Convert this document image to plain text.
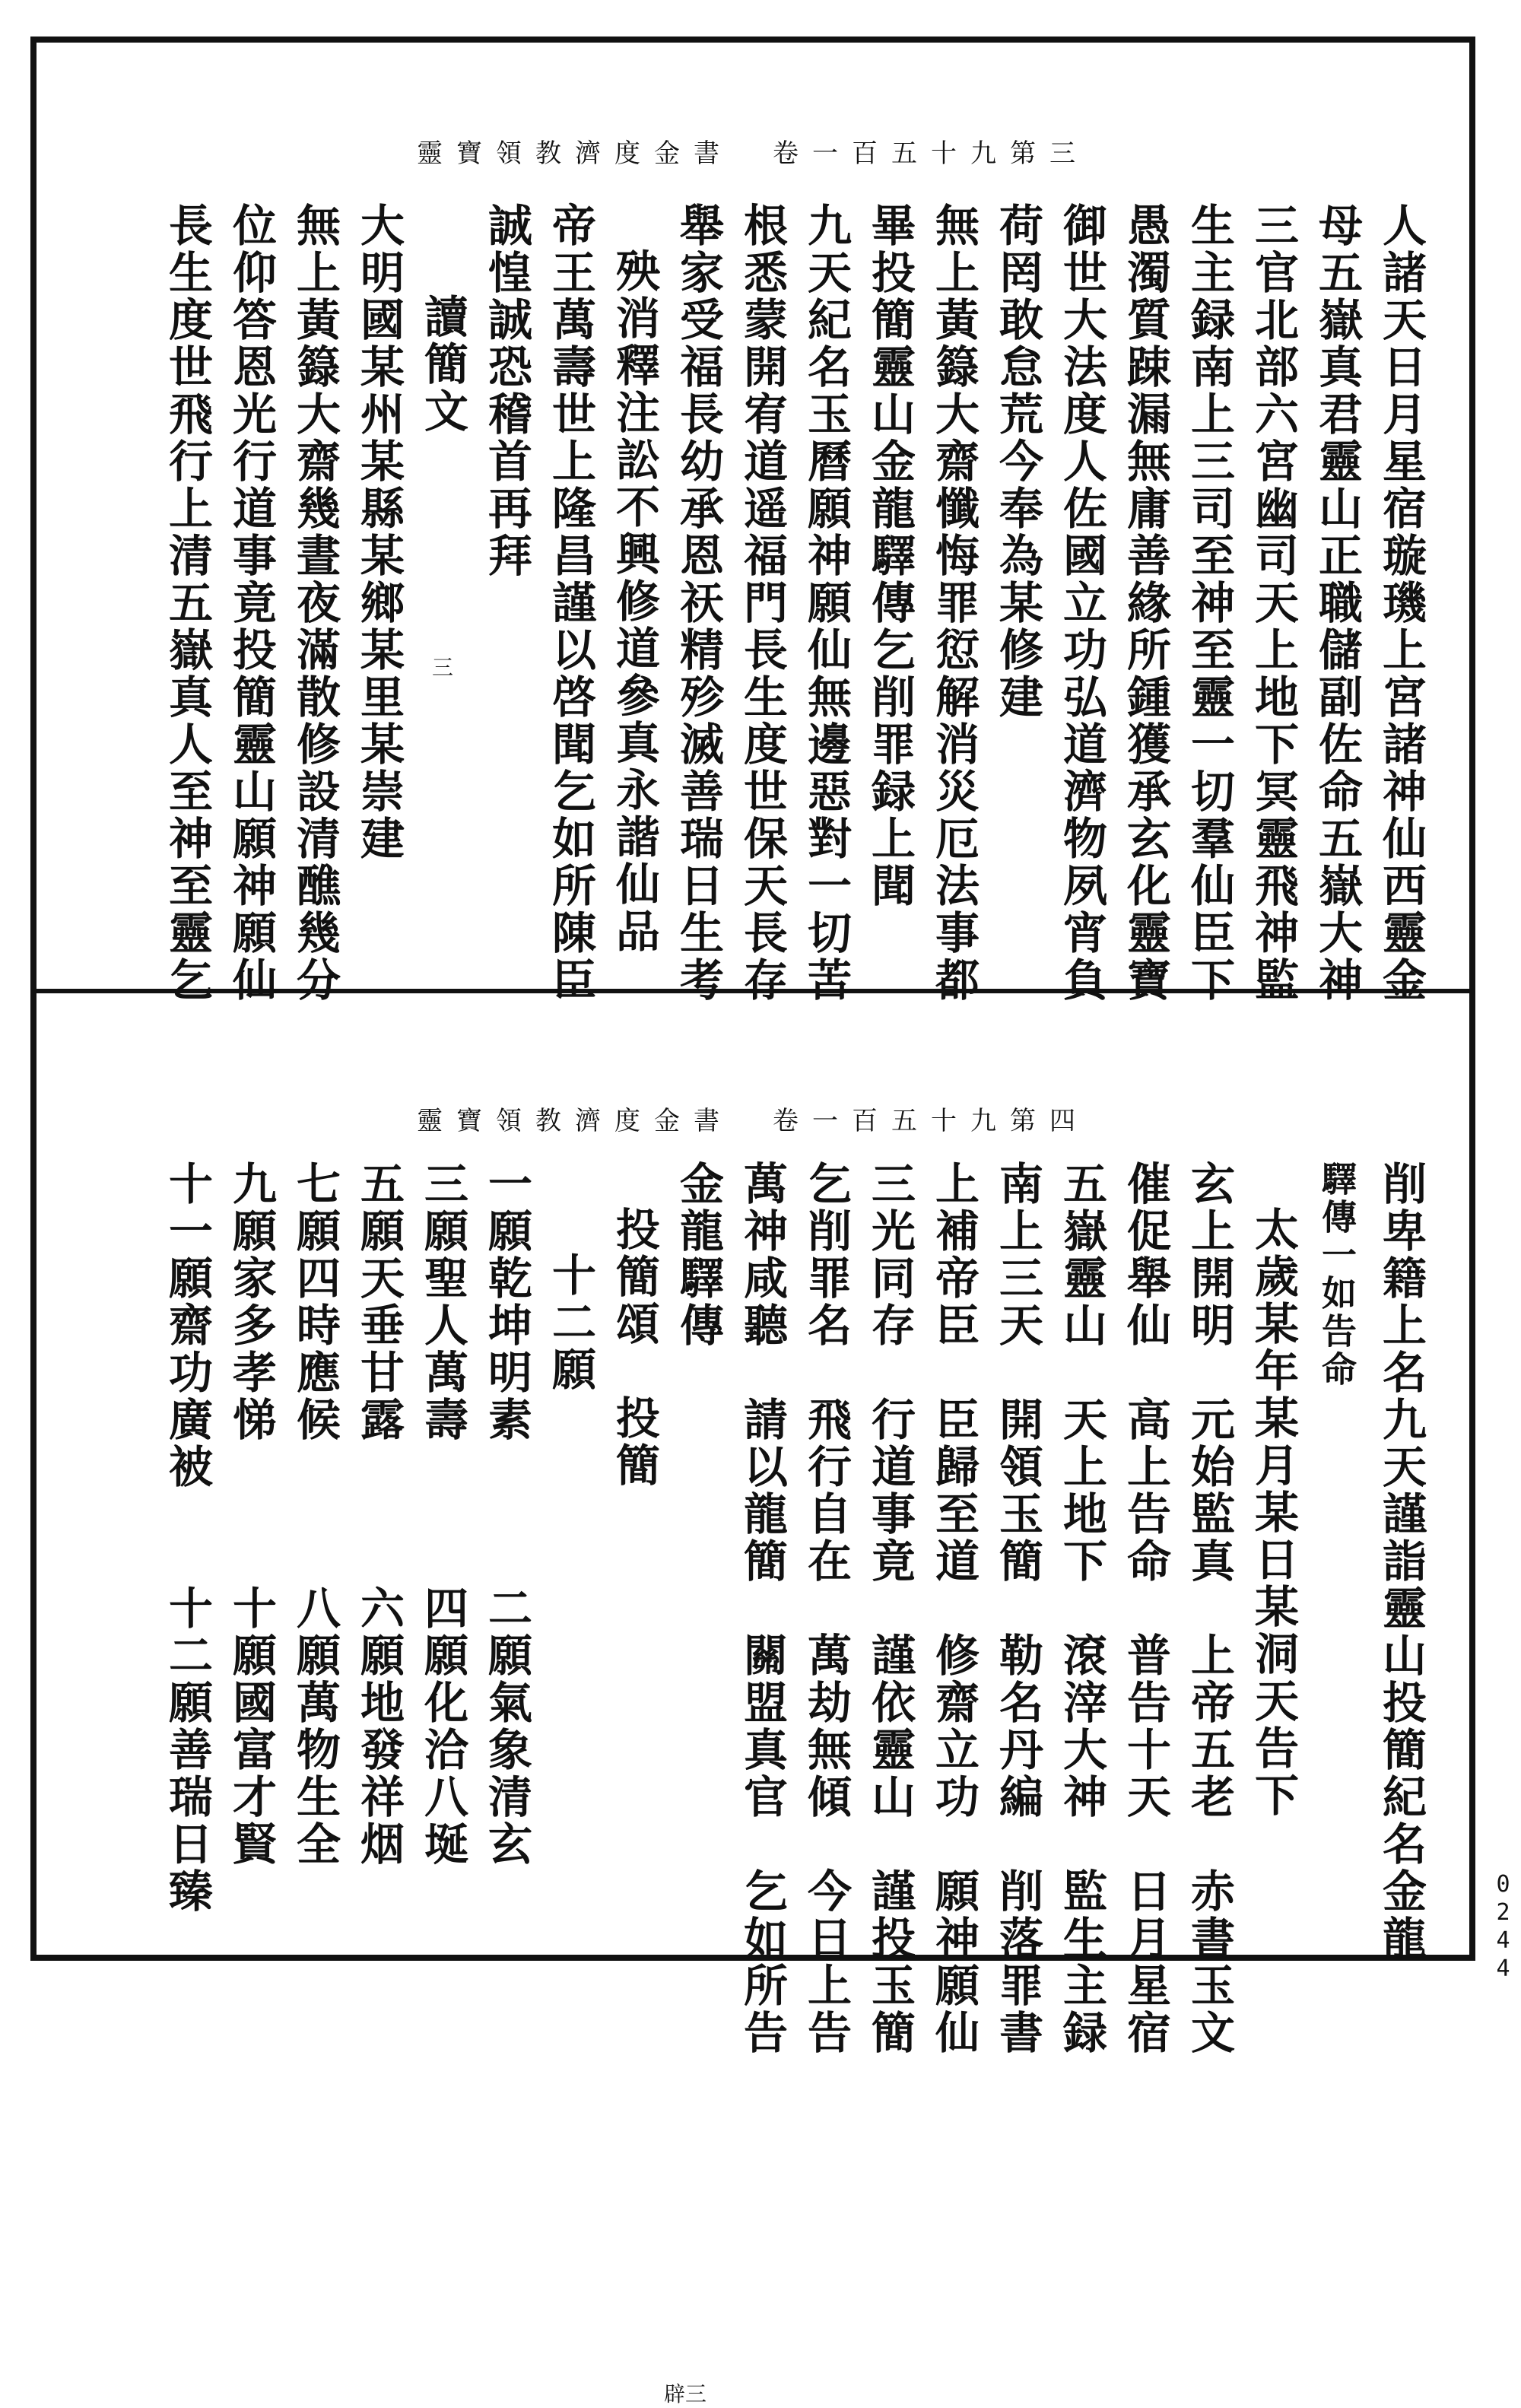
靈寶領教濟度金書　卷一百五十九第三
人諸天日月星宿璇璣上宮諸神仙西靈金
母五嶽真君靈山正職儲副佐命五嶽大神
三官北部六宮幽司天上地下冥靈飛神監
生主録南上三司至神至靈一切羣仙臣下
愚濁質踈漏無庸善緣所鍾獲承玄化靈寶
御世大法度人佐國立功弘道濟物夙宵負
荷罔敢怠荒今奉為某修建
無上黃籙大齋懺悔罪愆解消災厄法事都
畢投簡靈山金龍驛傳乞削罪録上聞
九天紀名玉曆願神願仙無邊惡對一切苦
根悉蒙開宥道遥福門長生度世保天長存
舉家受福長幼承恩祆精殄滅善瑞日生考
殃消釋注訟不興修道參真永諧仙品
帝王萬壽世上隆昌謹以啓聞乞如所陳臣
誠惶誠恐稽首再拜
讀簡文
大明國某州某縣某鄉某里某崇建
無上黃籙大齋幾晝夜滿散修設清醮幾分
位仰答恩光行道事竟投簡靈山願神願仙
長生度世飛行上清五嶽真人至神至靈乞	三
靈寶領教濟度金書　卷一百五十九第四
削卑籍上名九天謹詣靈山投簡紀名金龍
驛傳一如告命
太歲某年某月某日某洞天告下
玄上開明　元始監真　上帝五老　赤書玉文
催促舉仙　高上告命　普告十天　日月星宿
五嶽靈山　天上地下　滾滓大神　監生主録
南上三天　開領玉簡　勒名丹編　削落罪書
上補帝臣　臣歸至道　修齋立功　願神願仙
三光同存　行道事竟　謹依靈山　謹投玉簡
乞削罪名　飛行自在　萬劫無傾　今日上告
萬神咸聽　請以龍簡　關盟真官　乞如所告
金龍驛傳
投簡頌　投簡
十二願
一願乾坤明素　　　二願氣象清玄
三願聖人萬壽　　　四願化洽八埏
五願天垂甘露　　　六願地發祥烟
七願四時應候　　　八願萬物生全
九願家多孝悌　　　十願國富才賢
十一願齋功廣被　　十二願善瑞日臻
辟三
0244
